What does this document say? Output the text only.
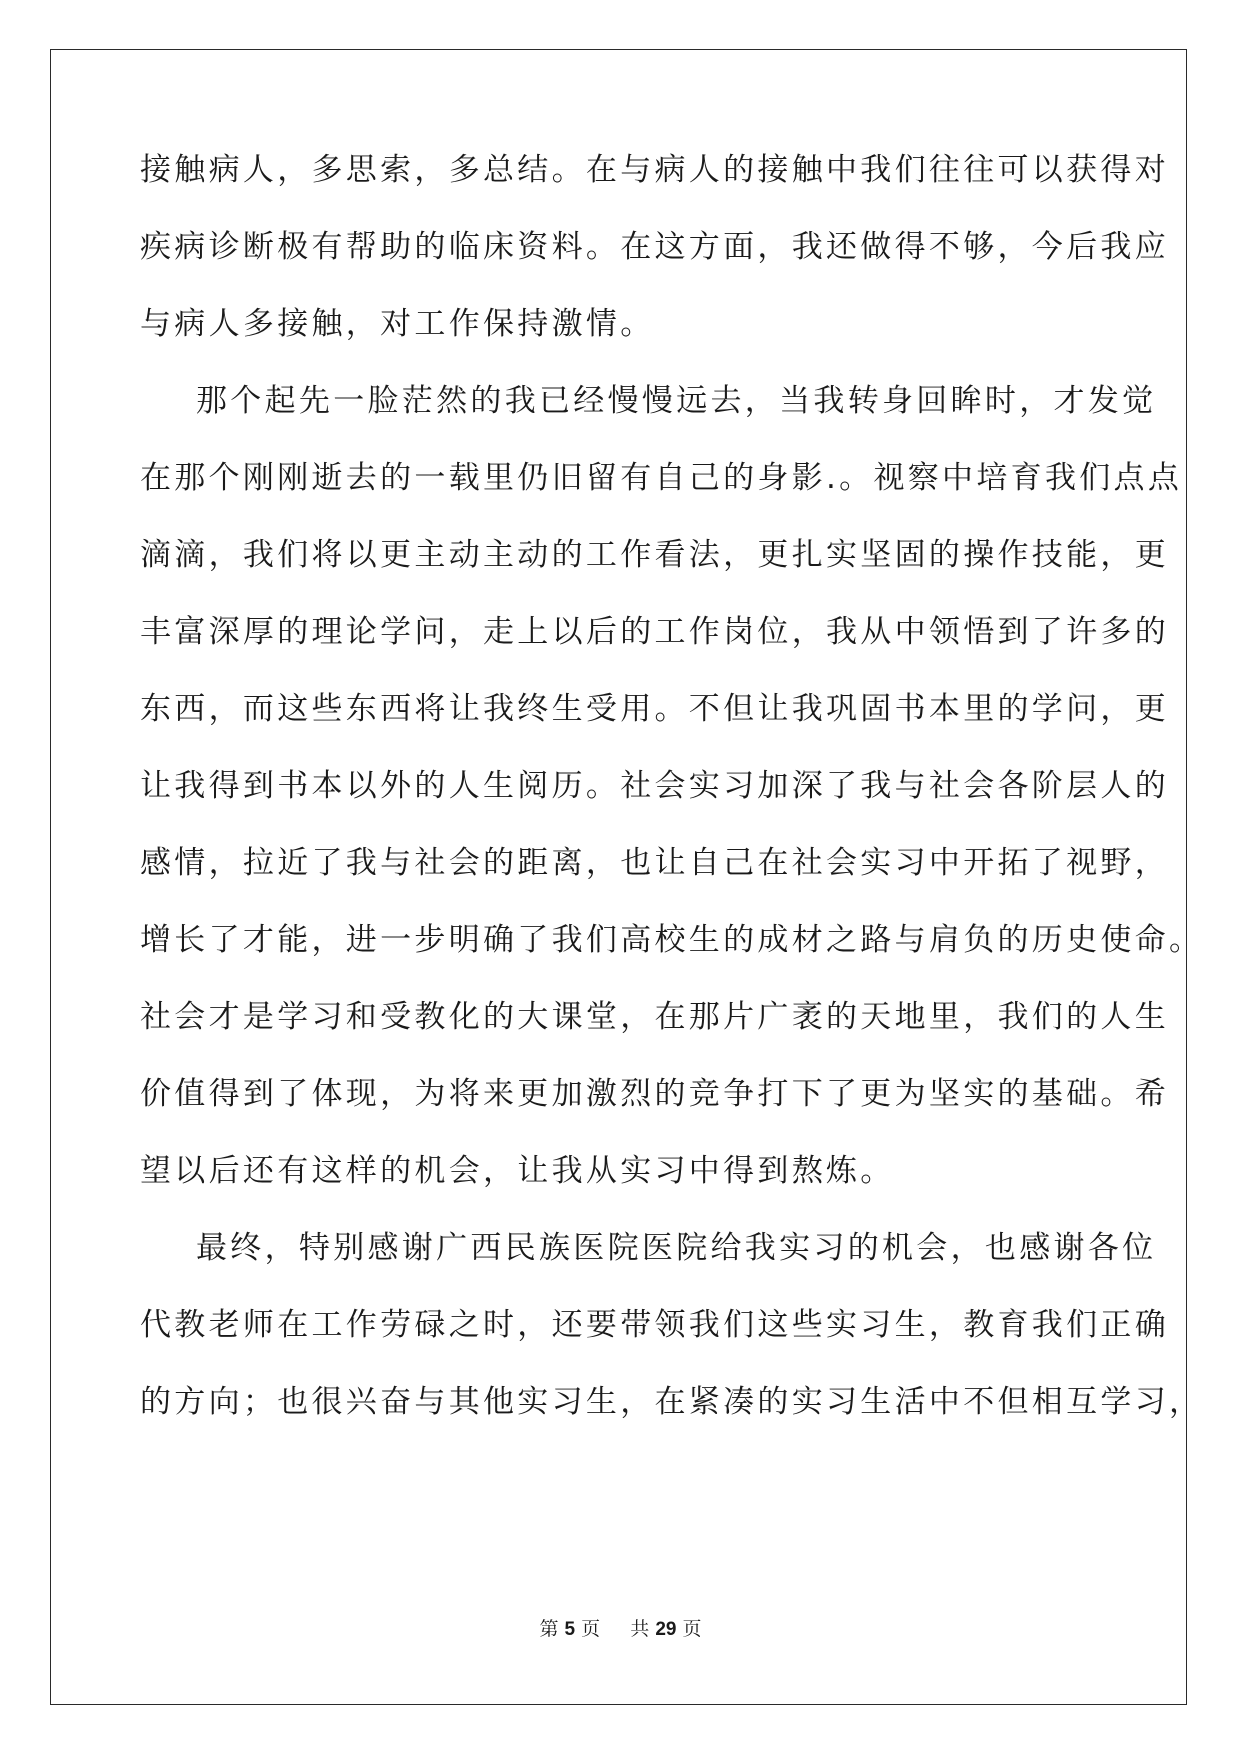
接触病人，多思索，多总结。在与病人的接触中我们往往可以获得对
疾病诊断极有帮助的临床资料。在这方面，我还做得不够，今后我应
与病人多接触，对工作保持激情。
那个起先一脸茫然的我已经慢慢远去，当我转身回眸时，才发觉
在那个刚刚逝去的一载里仍旧留有自己的身影.。视察中培育我们点点
滴滴，我们将以更主动主动的工作看法，更扎实坚固的操作技能，更
丰富深厚的理论学问，走上以后的工作岗位，我从中领悟到了许多的
东西，而这些东西将让我终生受用。不但让我巩固书本里的学问，更
让我得到书本以外的人生阅历。社会实习加深了我与社会各阶层人的
感情，拉近了我与社会的距离，也让自己在社会实习中开拓了视野，
增长了才能，进一步明确了我们高校生的成材之路与肩负的历史使命。
社会才是学习和受教化的大课堂，在那片广袤的天地里，我们的人生
价值得到了体现，为将来更加激烈的竞争打下了更为坚实的基础。希
望以后还有这样的机会，让我从实习中得到熬炼。
最终，特别感谢广西民族医院医院给我实习的机会，也感谢各位
代教老师在工作劳碌之时，还要带领我们这些实习生，教育我们正确
的方向；也很兴奋与其他实习生，在紧凑的实习生活中不但相互学习，
第 5 页 共 29 页
